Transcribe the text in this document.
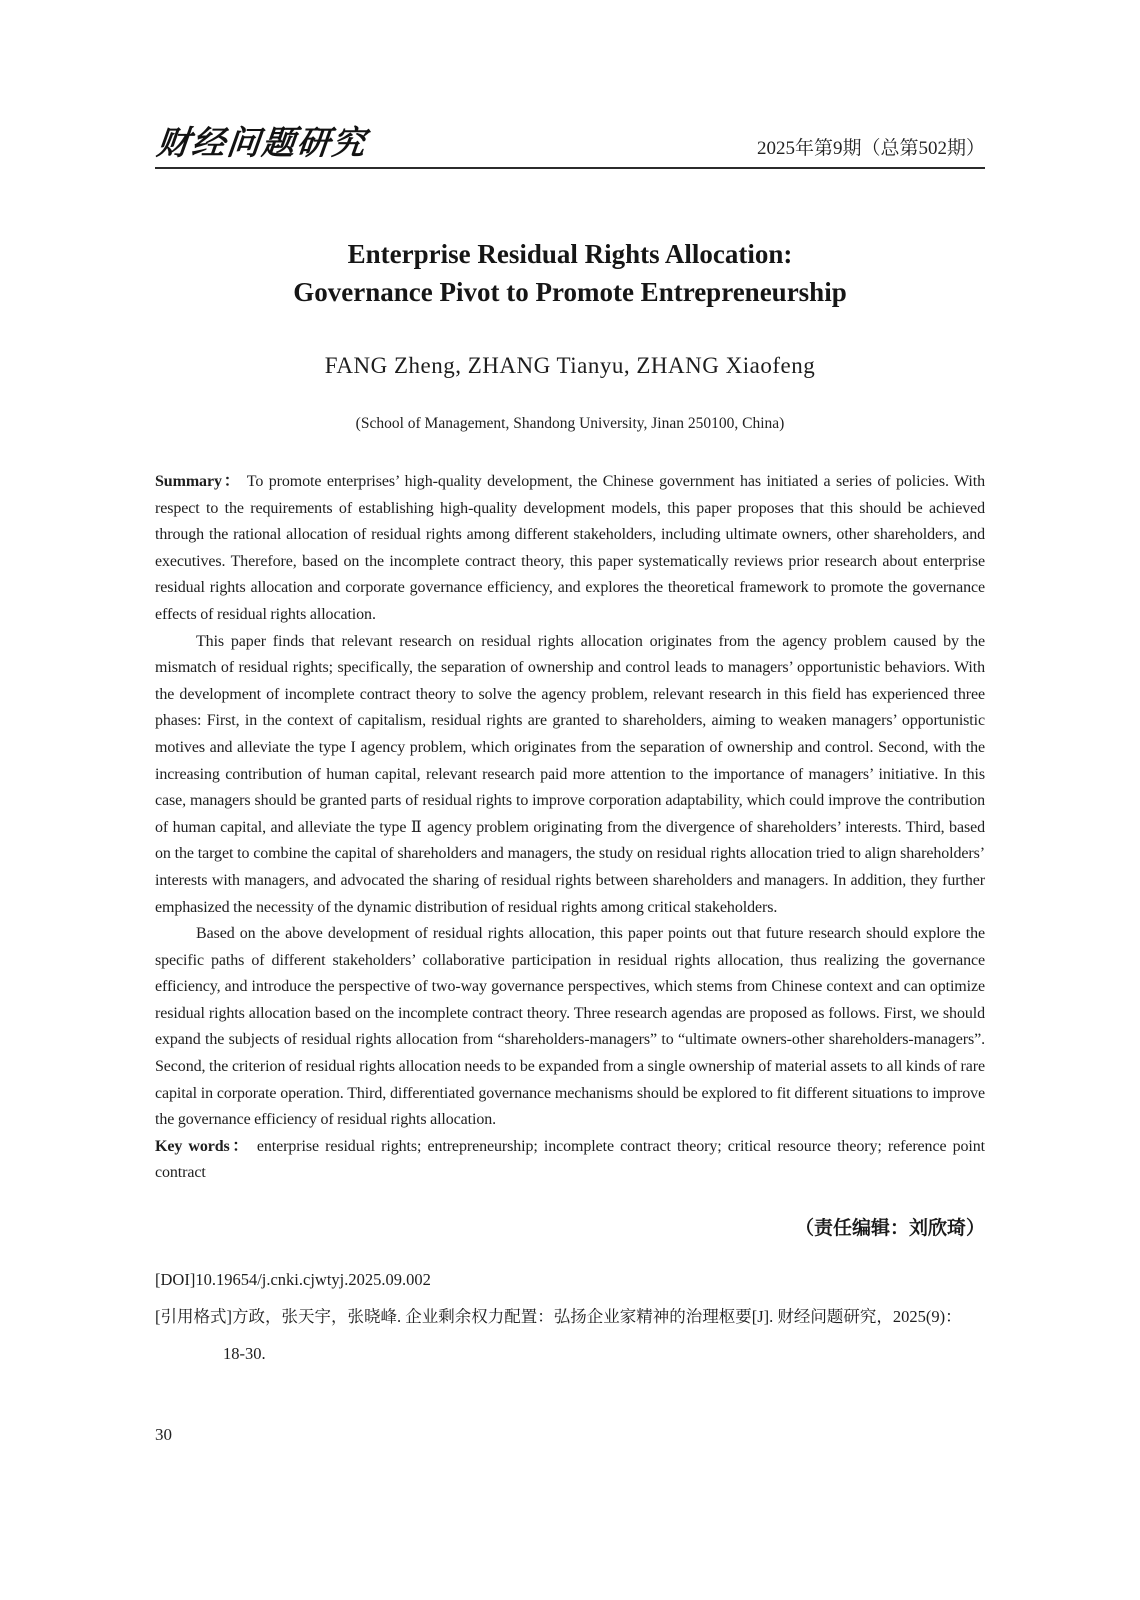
财经问题研究	2025年第9期（总第502期）
Enterprise Residual Rights Allocation:
Governance Pivot to Promote Entrepreneurship
FANG Zheng, ZHANG Tianyu, ZHANG Xiaofeng
(School of Management, Shandong University, Jinan 250100, China)

Summary： To promote enterprises’ high-quality development, the Chinese government has initiated a series of policies. With respect to the requirements of establishing high-quality development models, this paper proposes that this should be achieved through the rational allocation of residual rights among different stakeholders, including ultimate owners, other shareholders, and executives. Therefore, based on the incomplete contract theory, this paper systematically reviews prior research about enterprise residual rights allocation and corporate governance efficiency, and explores the theoretical framework to promote the governance effects of residual rights allocation.

This paper finds that relevant research on residual rights allocation originates from the agency problem caused by the mismatch of residual rights; specifically, the separation of ownership and control leads to managers’ opportunistic behaviors. With the development of incomplete contract theory to solve the agency problem, relevant research in this field has experienced three phases: First, in the context of capitalism, residual rights are granted to shareholders, aiming to weaken managers’ opportunistic motives and alleviate the type I agency problem, which originates from the separation of ownership and control. Second, with the increasing contribution of human capital, relevant research paid more attention to the importance of managers’ initiative. In this case, managers should be granted parts of residual rights to improve corporation adaptability, which could improve the contribution of human capital, and alleviate the type Ⅱ agency problem originating from the divergence of shareholders’ interests. Third, based on the target to combine the capital of shareholders and managers, the study on residual rights allocation tried to align shareholders’ interests with managers, and advocated the sharing of residual rights between shareholders and managers. In addition, they further emphasized the necessity of the dynamic distribution of residual rights among critical stakeholders.

Based on the above development of residual rights allocation, this paper points out that future research should explore the specific paths of different stakeholders’ collaborative participation in residual rights allocation, thus realizing the governance efficiency, and introduce the perspective of two-way governance perspectives, which stems from Chinese context and can optimize residual rights allocation based on the incomplete contract theory. Three research agendas are proposed as follows. First, we should expand the subjects of residual rights allocation from “shareholders-managers” to “ultimate owners-other shareholders-managers”. Second, the criterion of residual rights allocation needs to be expanded from a single ownership of material assets to all kinds of rare capital in corporate operation. Third, differentiated governance mechanisms should be explored to fit different situations to improve the governance efficiency of residual rights allocation.

Key words： enterprise residual rights; entrepreneurship; incomplete contract theory; critical resource theory; reference point contract

（责任编辑：刘欣琦）
[DOI]10.19654/j.cnki.cjwtyj.2025.09.002
[引用格式]方政，张天宇，张晓峰. 企业剩余权力配置：弘扬企业家精神的治理枢要[J]. 财经问题研究，2025(9)：
18-30.
30
